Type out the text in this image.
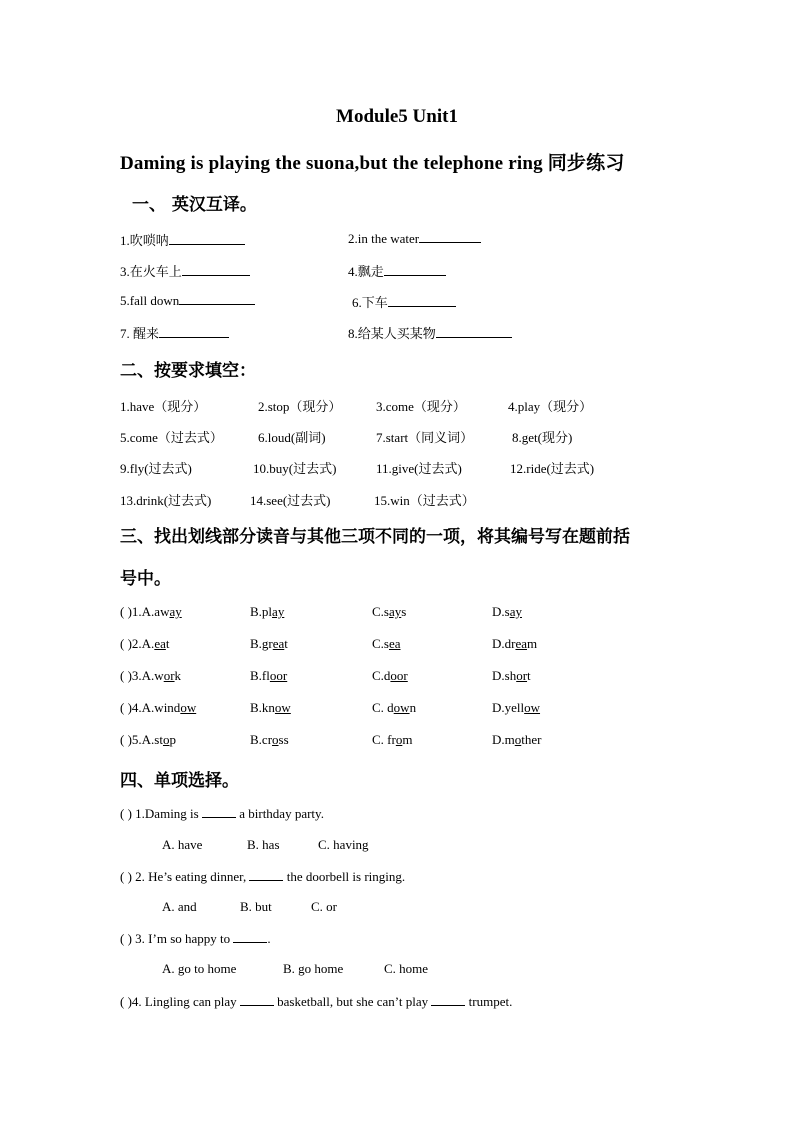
Module5 Unit1
Daming is playing the suona,but the telephone ring 同步练习
一、 英汉互译。
1.吹唢呐	2.in the water
3.在火车上	4.飘走
5.fall down	6.下车
7. 醒来	8.给某人买某物
二、按要求填空：
1.have（现分）	2.stop（现分）	3.come（现分）	4.play（现分）
5.come（过去式）	6.loud(副词)	7.start（同义词）	8.get(现分)
9.fly(过去式)	10.buy(过去式)	11.give(过去式)	12.ride(过去式)
13.drink(过去式)	14.see(过去式)	15.win（过去式）
三、找出划线部分读音与其他三项不同的一项，将其编号写在题前括
号中。
( )1.A.away	B.play	C.says	D.say
( )2.A.eat	B.great	C.sea	D.dream
( )3.A.work	B.floor	C.door	D.short
( )4.A.window	B.know	C. down	D.yellow
( )5.A.stop	B.cross	C. from	D.mother
四、单项选择。
( ) 1.Daming is	a birthday party.
A. have	B. has	C. having
( ) 2. He’s eating dinner,	the doorbell is ringing.
A. and	B. but	C. or
( ) 3. I’m so happy to	.
A. go to home	B. go home	C. home
( )4. Lingling can play	basketball, but she can’t play	trumpet.
